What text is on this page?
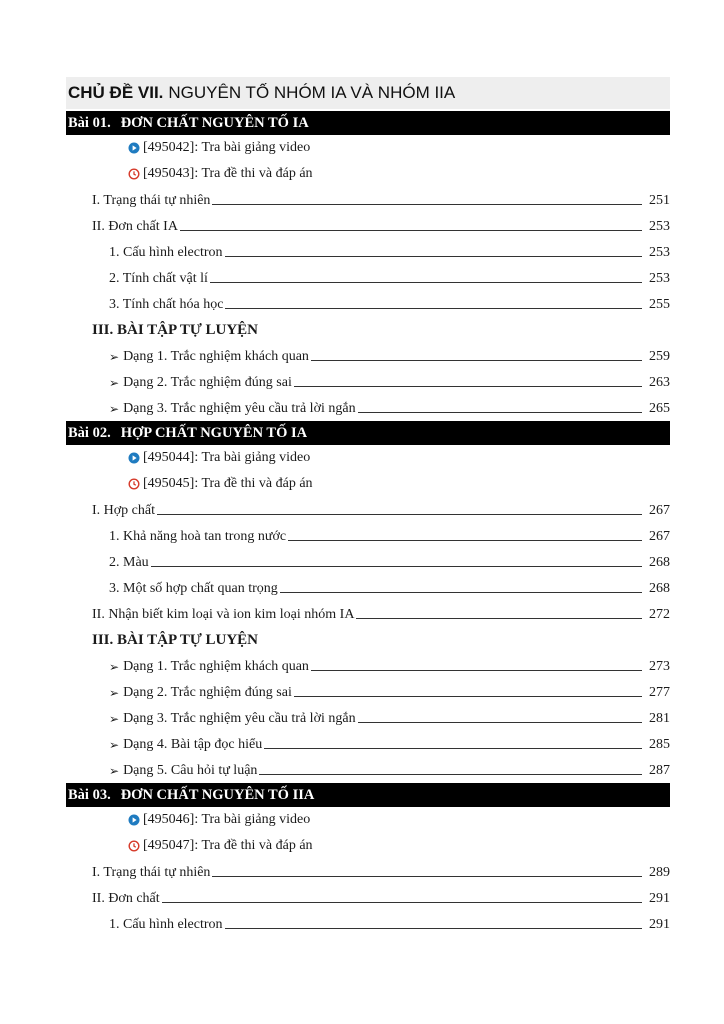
CHỦ ĐỀ VII. NGUYÊN TỐ NHÓM IA VÀ NHÓM IIA
Bài 01. ĐƠN CHẤT NGUYÊN TỐ IA
[495042]: Tra bài giảng video
[495043]: Tra đề thi và đáp án
I. Trạng thái tự nhiên	251
II. Đơn chất IA	253
1. Cấu hình electron	253
2. Tính chất vật lí	253
3. Tính chất hóa học	255
III. BÀI TẬP TỰ LUYỆN
➢ Dạng 1. Trắc nghiệm khách quan	259
➢ Dạng 2. Trắc nghiệm đúng sai	263
➢ Dạng 3. Trắc nghiệm yêu cầu trả lời ngắn	265
Bài 02. HỢP CHẤT NGUYÊN TỐ IA
[495044]: Tra bài giảng video
[495045]: Tra đề thi và đáp án
I. Hợp chất	267
1. Khả năng hoà tan trong nước	267
2. Màu	268
3. Một số hợp chất quan trọng	268
II. Nhận biết kim loại và ion kim loại nhóm IA	272
III. BÀI TẬP TỰ LUYỆN
➢ Dạng 1. Trắc nghiệm khách quan	273
➢ Dạng 2. Trắc nghiệm đúng sai	277
➢ Dạng 3. Trắc nghiệm yêu cầu trả lời ngắn	281
➢ Dạng 4. Bài tập đọc hiểu	285
➢ Dạng 5. Câu hỏi tự luận	287
Bài 03. ĐƠN CHẤT NGUYÊN TỐ IIA
[495046]: Tra bài giảng video
[495047]: Tra đề thi và đáp án
I. Trạng thái tự nhiên	289
II. Đơn chất	291
1. Cấu hình electron	291
